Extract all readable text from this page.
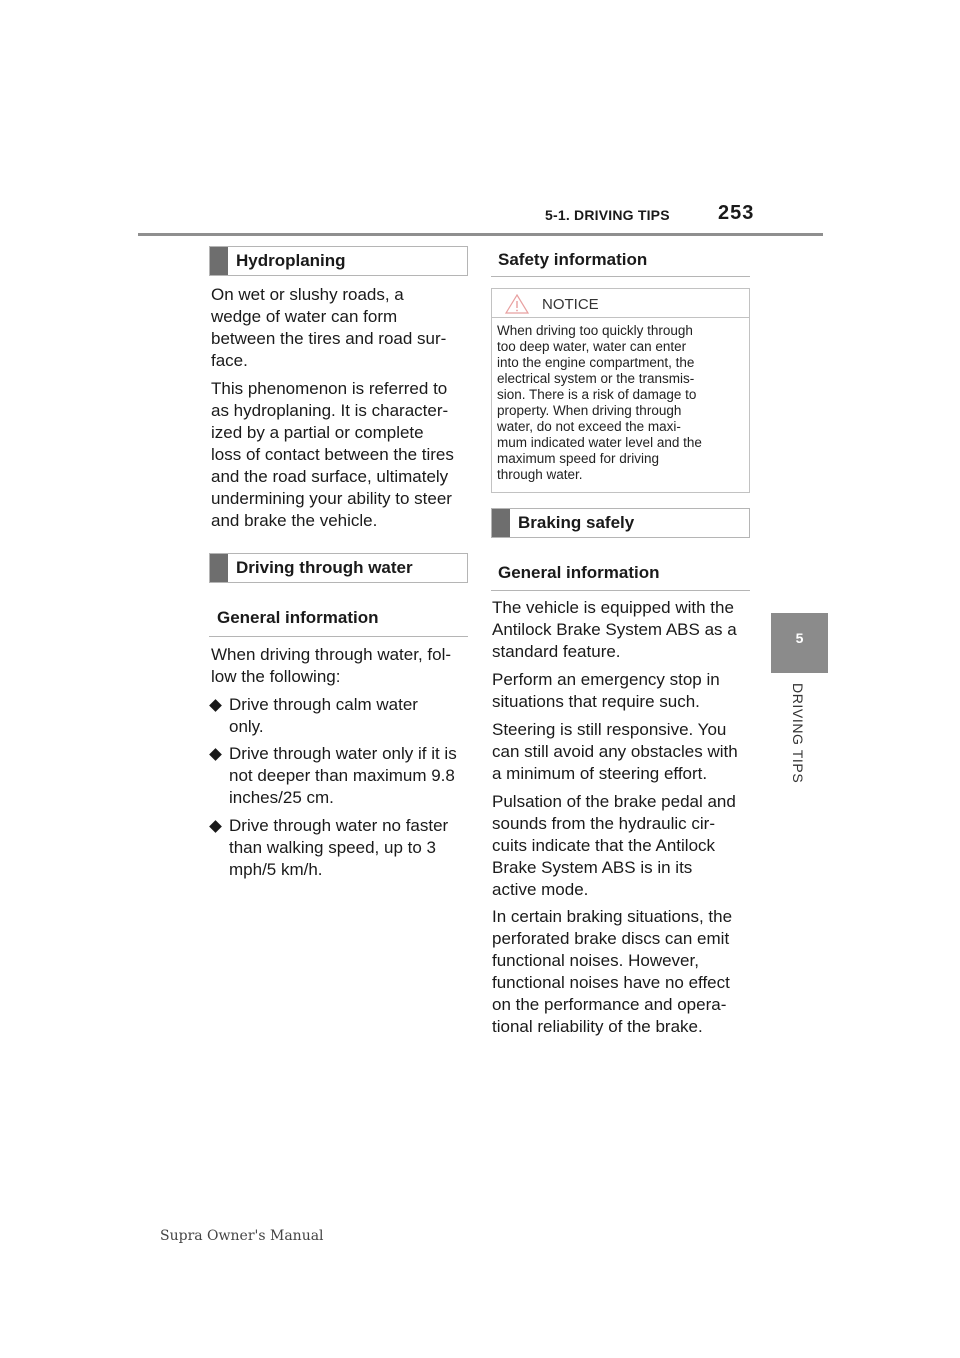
5-1. DRIVING TIPS 253
5
DRIVING TIPS
Hydroplaning
On wet or slushy roads, a
wedge of water can form
between the tires and road sur-
face.
This phenomenon is referred to
as hydroplaning. It is character-
ized by a partial or complete
loss of contact between the tires
and the road surface, ultimately
undermining your ability to steer
and brake the vehicle.
Driving through water
General information
When driving through water, fol-
low the following:
Drive through calm water
only.
Drive through water only if it is
not deeper than maximum 9.8
inches/25 cm.
Drive through water no faster
than walking speed, up to 3
mph/5 km/h.
Safety information
NOTICE
When driving too quickly through
too deep water, water can enter
into the engine compartment, the
electrical system or the transmis-
sion. There is a risk of damage to
property. When driving through
water, do not exceed the maxi-
mum indicated water level and the
maximum speed for driving
through water.
Braking safely
General information
The vehicle is equipped with the
Antilock Brake System ABS as a
standard feature.
Perform an emergency stop in
situations that require such.
Steering is still responsive. You
can still avoid any obstacles with
a minimum of steering effort.
Pulsation of the brake pedal and
sounds from the hydraulic cir-
cuits indicate that the Antilock
Brake System ABS is in its
active mode.
In certain braking situations, the
perforated brake discs can emit
functional noises. However,
functional noises have no effect
on the performance and opera-
tional reliability of the brake.
Supra Owner's Manual
